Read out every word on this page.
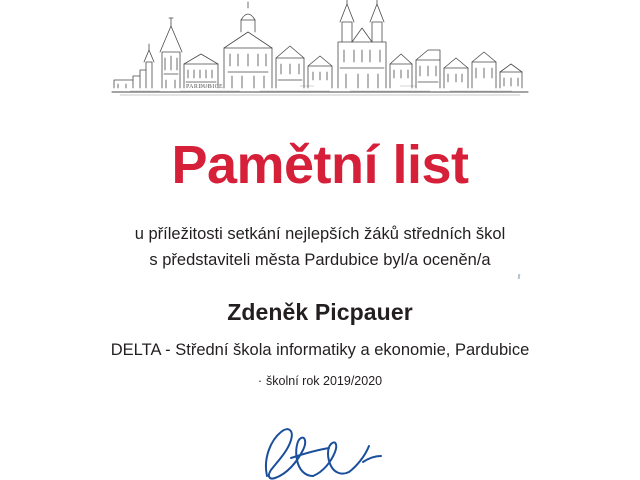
PARDUBICE
Pamětní list
u příležitosti setkání nejlepších žáků středních škol
s představiteli města Pardubice byl/a oceněn/a
Zdeněk Picpauer
DELTA - Střední škola informatiky a ekonomie, Pardubice
· školní rok 2019/2020
